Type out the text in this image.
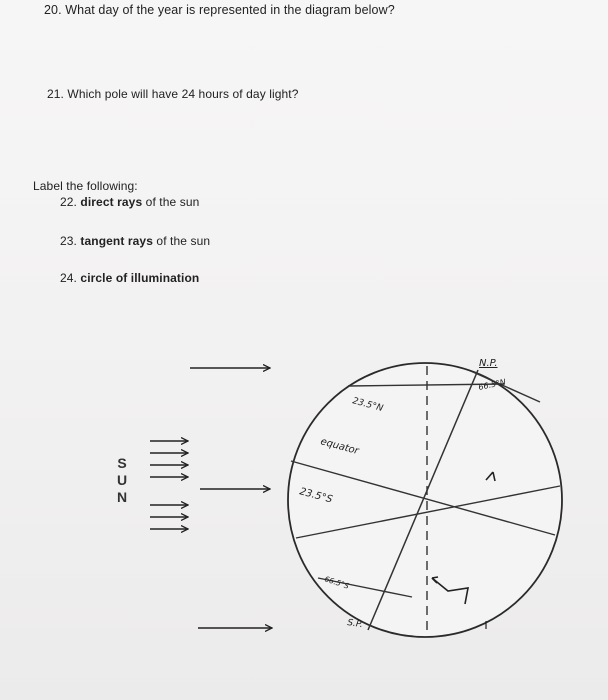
20. What day of the year is represented in the diagram below?
21. Which pole will have 24 hours of day light?
Label the following:
22. direct rays of the sun
23. tangent rays of the sun
24. circle of illumination
S
U
N
N.P.
66.5°N
23.5°N
equator
23.5°S
66.5°S
S.P.
